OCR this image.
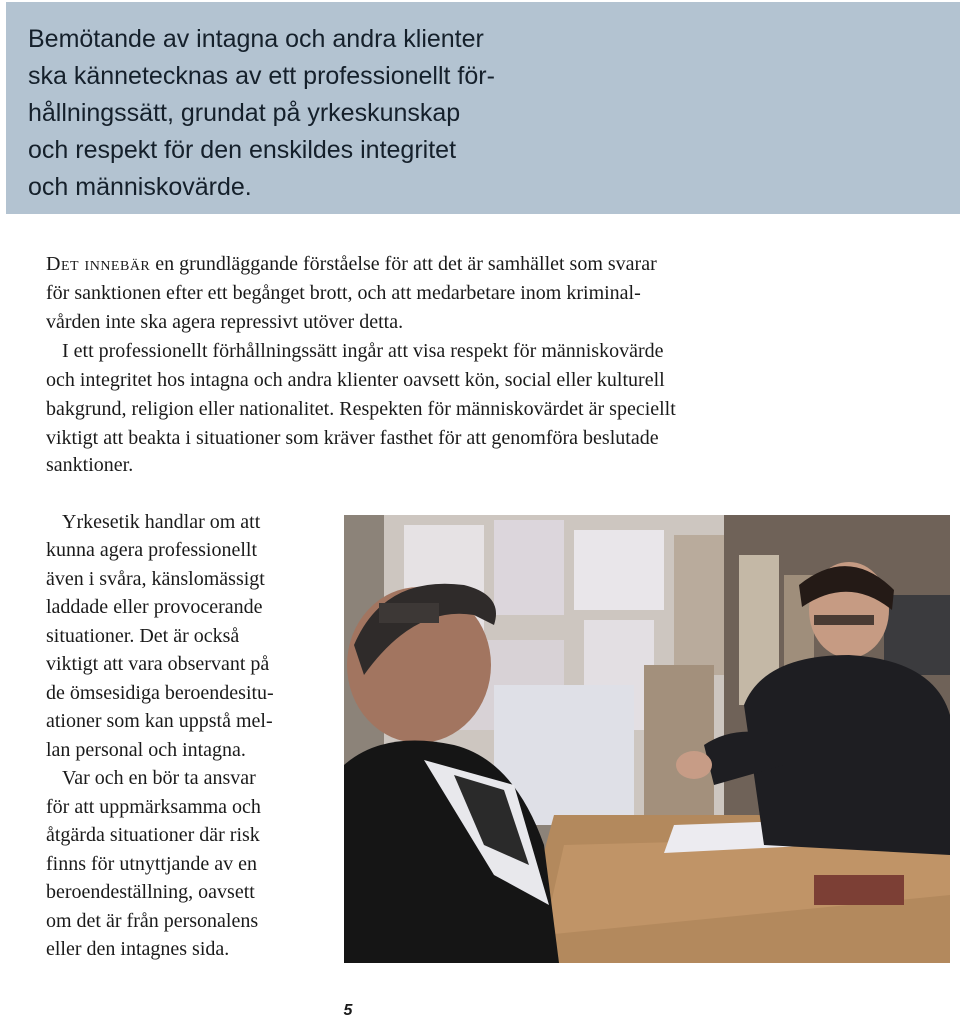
Bemötande av intagna och andra klienter
ska kännetecknas av ett professionellt för-
hållningssätt, grundat på yrkeskunskap
och respekt för den enskildes integritet
och människovärde.
Det innebär en grundläggande förståelse för att det är samhället som svarar
för sanktionen efter ett begånget brott, och att medarbetare inom kriminal-
vården inte ska agera repressivt utöver detta.
I ett professionellt förhållningssätt ingår att visa respekt för människovärde
och integritet hos intagna och andra klienter oavsett kön, social eller kulturell
bakgrund, religion eller nationalitet. Respekten för människovärdet är speciellt
viktigt att beakta i situationer som kräver fasthet för att genomföra beslutade
sanktioner.
Yrkesetik handlar om att
kunna agera professionellt
även i svåra, känslomässigt
laddade eller provocerande
situationer. Det är också
viktigt att vara observant på
de ömsesidiga beroendesitu-
ationer som kan uppstå mel-
lan personal och intagna.
Var och en bör ta ansvar
för att uppmärksamma och
åtgärda situationer där risk
finns för utnyttjande av en
beroendeställning, oavsett
om det är från personalens
eller den intagnes sida.
5
